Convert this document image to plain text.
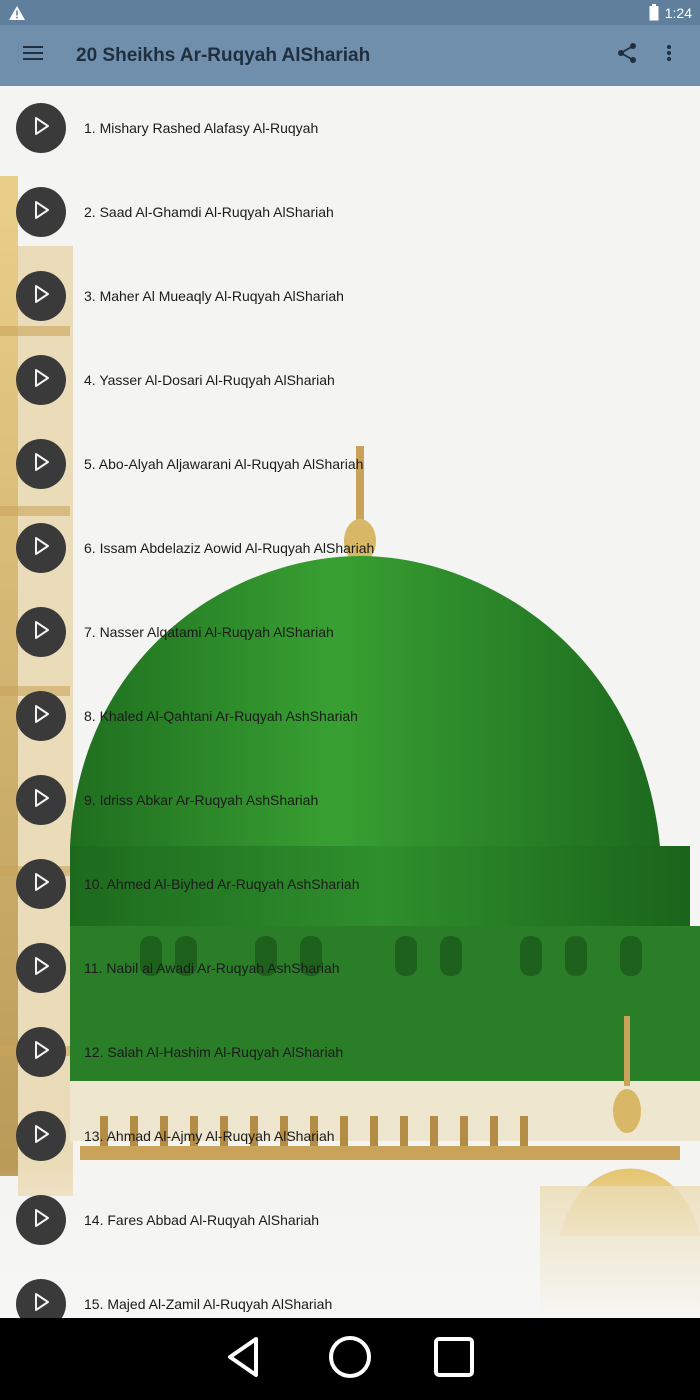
1:24
20 Sheikhs Ar-Ruqyah AlShariah
1. Mishary Rashed Alafasy Al-Ruqyah
2. Saad Al-Ghamdi Al-Ruqyah AlShariah
3. Maher Al Mueaqly Al-Ruqyah AlShariah
4. Yasser Al-Dosari Al-Ruqyah AlShariah
5. Abo-Alyah Aljawarani Al-Ruqyah AlShariah
6. Issam Abdelaziz Aowid Al-Ruqyah AlShariah
7. Nasser Alqatami Al-Ruqyah AlShariah
8. Khaled Al-Qahtani Ar-Ruqyah AshShariah
9. Idriss Abkar Ar-Ruqyah AshShariah
10. Ahmed Al-Biyhed Ar-Ruqyah AshShariah
11. Nabil al Awadi Ar-Ruqyah AshShariah
12. Salah Al-Hashim Al-Ruqyah AlShariah
13. Ahmad Al-Ajmy Al-Ruqyah AlShariah
14. Fares Abbad Al-Ruqyah AlShariah
15. Majed Al-Zamil Al-Ruqyah AlShariah
